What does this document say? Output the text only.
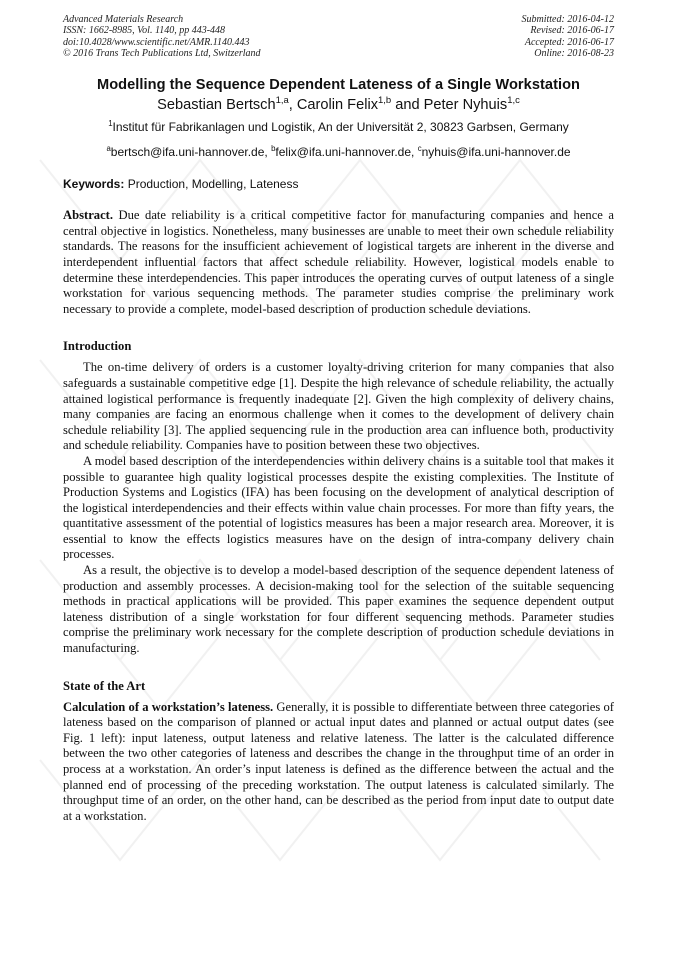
Advanced Materials Research
ISSN: 1662-8985, Vol. 1140, pp 443-448
doi:10.4028/www.scientific.net/AMR.1140.443
© 2016 Trans Tech Publications Ltd, Switzerland
Submitted: 2016-04-12
Revised: 2016-06-17
Accepted: 2016-06-17
Online: 2016-08-23
Modelling the Sequence Dependent Lateness of a Single Workstation
Sebastian Bertsch$^{1,a}$, Carolin Felix$^{1,b}$ and Peter Nyhuis$^{1,c}$
$^1$Institut für Fabrikanlagen und Logistik, An der Universität 2, 30823 Garbsen, Germany
$^a$bertsch@ifa.uni-hannover.de, $^b$felix@ifa.uni-hannover.de, $^c$nyhuis@ifa.uni-hannover.de
Keywords: Production, Modelling, Lateness

Abstract. Due date reliability is a critical competitive factor for manufacturing companies and hence a central objective in logistics. Nonetheless, many businesses are unable to meet their own schedule reliability standards. The reasons for the insufficient achievement of logistical targets are inherent in the diverse and interdependent influential factors that affect schedule reliability. However, logistical models enable to determine these interdependencies. This paper introduces the operating curves of output lateness of a single workstation for various sequencing methods. The parameter studies comprise the preliminary work necessary to provide a complete, model-based description of production schedule deviations.

Introduction

The on-time delivery of orders is a customer loyalty-driving criterion for many companies that also safeguards a sustainable competitive edge [1]. Despite the high relevance of schedule reliability, the actually attained logistical performance is frequently inadequate [2]. Given the high complexity of delivery chains, many companies are facing an enormous challenge when it comes to the development of delivery chain schedule reliability [3]. The applied sequencing rule in the production area can influence both, productivity and schedule reliability. Companies have to position between these two objectives.

A model based description of the interdependencies within delivery chains is a suitable tool that makes it possible to guarantee high quality logistical processes despite the existing complexities. The Institute of Production Systems and Logistics (IFA) has been focusing on the development of analytical description of the logistical interdependencies and their effects within value chain processes. For more than fifty years, the quantitative assessment of the potential of logistics measures has been a major research area. Moreover, it is essential to know the effects logistics measures have on the design of intra-company delivery chain processes.

As a result, the objective is to develop a model-based description of the sequence dependent lateness of production and assembly processes. A decision-making tool for the selection of the suitable sequencing methods in practical applications will be provided. This paper examines the sequence dependent output lateness distribution of a single workstation for four different sequencing methods. Parameter studies comprise the preliminary work necessary for the complete description of production schedule deviations in manufacturing.

State of the Art

Calculation of a workstation’s lateness. Generally, it is possible to differentiate between three categories of lateness based on the comparison of planned or actual input dates and planned or actual output dates (see Fig. 1 left): input lateness, output lateness and relative lateness. The latter is the calculated difference between the two other categories of lateness and describes the change in the throughput time of an order in process at a workstation. An order’s input lateness is defined as the difference between the actual and the planned end of processing of the preceding workstation. The output lateness is calculated similarly. The throughput time of an order, on the other hand, can be described as the period from input date to output date at a workstation.
